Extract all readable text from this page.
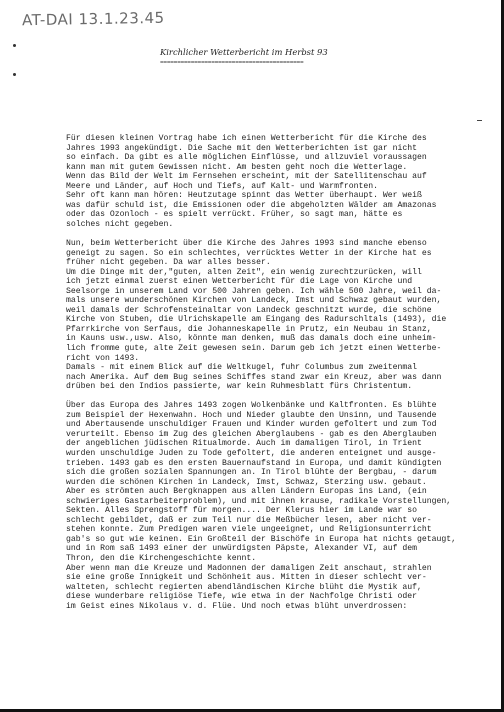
AT-DAI 13.1.23.45
Kirchlicher Wetterbericht im Herbst 93
==========================================
Für diesen kleinen Vortrag habe ich einen Wetterbericht für die Kirche des
Jahres 1993 angekündigt. Die Sache mit den Wetterberichten ist gar nicht
so einfach. Da gibt es alle möglichen Einflüsse, und allzuviel voraussagen
kann man mit gutem Gewissen nicht. Am besten geht noch die Wetterlage.
Wenn das Bild der Welt im Fernsehen erscheint, mit der Satellitenschau auf
Meere und Länder, auf Hoch und Tiefs, auf Kalt- und Warmfronten.
Sehr oft kann man hören: Heutzutage spinnt das Wetter überhaupt. Wer weiß
was dafür schuld ist, die Emissionen oder die abgeholzten Wälder am Amazonas
oder das Ozonloch - es spielt verrückt. Früher, so sagt man, hätte es
solches nicht gegeben.
Nun, beim Wetterbericht über die Kirche des Jahres 1993 sind manche ebenso
geneigt zu sagen. So ein schlechtes, verrücktes Wetter in der Kirche hat es
früher nicht gegeben. Da war alles besser.
Um die Dinge mit der,"guten, alten Zeit", ein wenig zurechtzurücken, will
ich jetzt einmal zuerst einen Wetterbericht für die Lage von Kirche und
Seelsorge in unserem Land vor 500 Jahren geben. Ich wähle 500 Jahre, weil da-
mals unsere wunderschönen Kirchen von Landeck, Imst und Schwaz gebaut wurden,
weil damals der Schrofensteinaltar von Landeck geschnitzt wurde, die schöne
Kirche von Stuben, die Ulrichskapelle am Eingang des Radurschltals (1493), die
Pfarrkirche von Serfaus, die Johanneskapelle in Prutz, ein Neubau in Stanz,
in Kauns usw.,usw. Also, könnte man denken, muß das damals doch eine unheim-
lich fromme gute, alte Zeit gewesen sein. Darum geb ich jetzt einen Wetterbe-
richt von 1493.
Damals - mit einem Blick auf die Weltkugel, fuhr Columbus zum zweitenmal
nach Amerika. Auf dem Bug seines Schiffes stand zwar ein Kreuz, aber was dann
drüben bei den Indios passierte, war kein Ruhmesblatt fürs Christentum.
Über das Europa des Jahres 1493 zogen Wolkenbänke und Kaltfronten. Es blühte
zum Beispiel der Hexenwahn. Hoch und Nieder glaubte den Unsinn, und Tausende
und Abertausende unschuldiger Frauen und Kinder wurden gefoltert und zum Tod
verurteilt. Ebenso im Zug des gleichen Aberglaubens - gab es den Aberglauben
der angeblichen jüdischen Ritualmorde. Auch im damaligen Tirol, in Trient
wurden unschuldige Juden zu Tode gefoltert, die anderen enteignet und ausge-
trieben. 1493 gab es den ersten Bauernaufstand in Europa, und damit kündigten
sich die großen sozialen Spannungen an. In Tirol blühte der Bergbau, - darum
wurden die schönen Kirchen in Landeck, Imst, Schwaz, Sterzing usw. gebaut.
Aber es strömten auch Bergknappen aus allen Ländern Europas ins Land, (ein
schwieriges Gastarbeiterproblem), und mit ihnen krause, radikale Vorstellungen,
Sekten. Alles Sprengstoff für morgen.... Der Klerus hier im Lande war so
schlecht gebildet, daß er zum Teil nur die Meßbücher lesen, aber nicht ver-
stehen konnte. Zum Predigen waren viele ungeeignet, und Religionsunterricht
gab's so gut wie keinen. Ein Großteil der Bischöfe in Europa hat nichts getaugt,
und in Rom saß 1493 einer der unwürdigsten Päpste, Alexander VI, auf dem
Thron, den die Kirchengeschichte kennt.
Aber wenn man die Kreuze und Madonnen der damaligen Zeit anschaut, strahlen
sie eine große Innigkeit und Schönheit aus. Mitten in dieser schlecht ver-
walteten, schlecht regierten abendländischen Kirche blüht die Mystik auf,
diese wunderbare religiöse Tiefe, wie etwa in der Nachfolge Christi oder
im Geist eines Nikolaus v. d. Flüe. Und noch etwas blüht unverdrossen:
